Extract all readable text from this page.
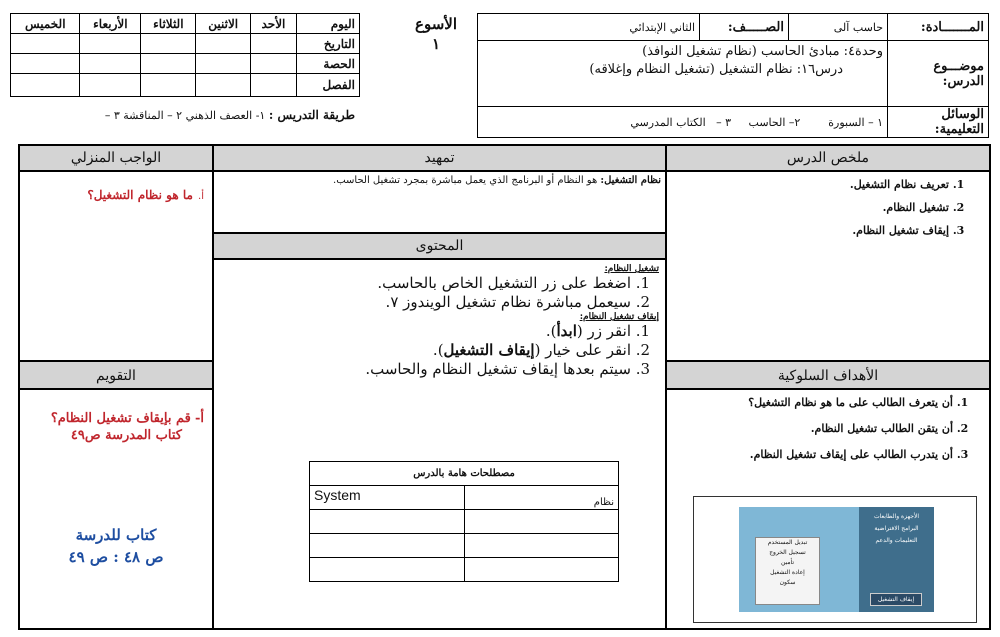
اليوم	الأحد	الاثنين	الثلاثاء	الأربعاء	الخميس
التاريخ					
الحصة					
الفصل					
الأسوع
١
المـــــــادة:	حاسب آلى	الصـــــف:	الثاني الإبتدائي
موضـــوع الدرس:	وحدة٤: مبادئ الحاسب (نظام تشغيل النوافذ)
درس١٦: نظام التشغيل (تشغيل النظام وإغلاقه)		

الوسائل التعليمية:	١ – السبورة        ٢– الحاسب     ٣ –   الكتاب المدرسي		
طريقة التدريس : ١- العصف الذهني ٢ – المناقشة ٣ –
ملخص الدرس
1. تعريف نظام التشغيل.
2. تشغيل النظام.
3. إيقاف تشغيل النظام.
الأهداف السلوكية
1. أن يتعرف الطالب على ما هو نظام التشغيل؟
2. أن يتقن الطالب تشغيل النظام.
3. أن يتدرب الطالب على إيقاف تشغيل النظام.
الأجهزة والطابعات
البرامج الافتراضية
التعليمات والدعم
تبديل المستخدم
تسجيل الخروج
تأمين
إعادة التشغيل
سكون
إيقاف التشغيل
تمهيد
نظام التشغيل: هو النظام أو البرنامج الذي يعمل مباشرة بمجرد تشغيل الحاسب.
المحتوى
تشغيل النظام:
1. اضغط على زر التشغيل الخاص بالحاسب.
2. سيعمل مباشرة نظام تشغيل الويندوز ٧.
إيقاف تشغيل النظام:
1. انقر زر (ابدأ).
2. انقر على خيار (إيقاف التشغيل).
3. سيتم بعدها إيقاف تشغيل النظام والحاسب.
مصطلحات هامة بالدرس	
نظام	System

الواجب المنزلي
أ. ما هو نظام التشغيل؟
التقويم
أ- قم بإيقاف تشغيل النظام؟
كتاب المدرسة ص٤٩
كتاب للدرسة
ص ٤٨ : ص ٤٩
